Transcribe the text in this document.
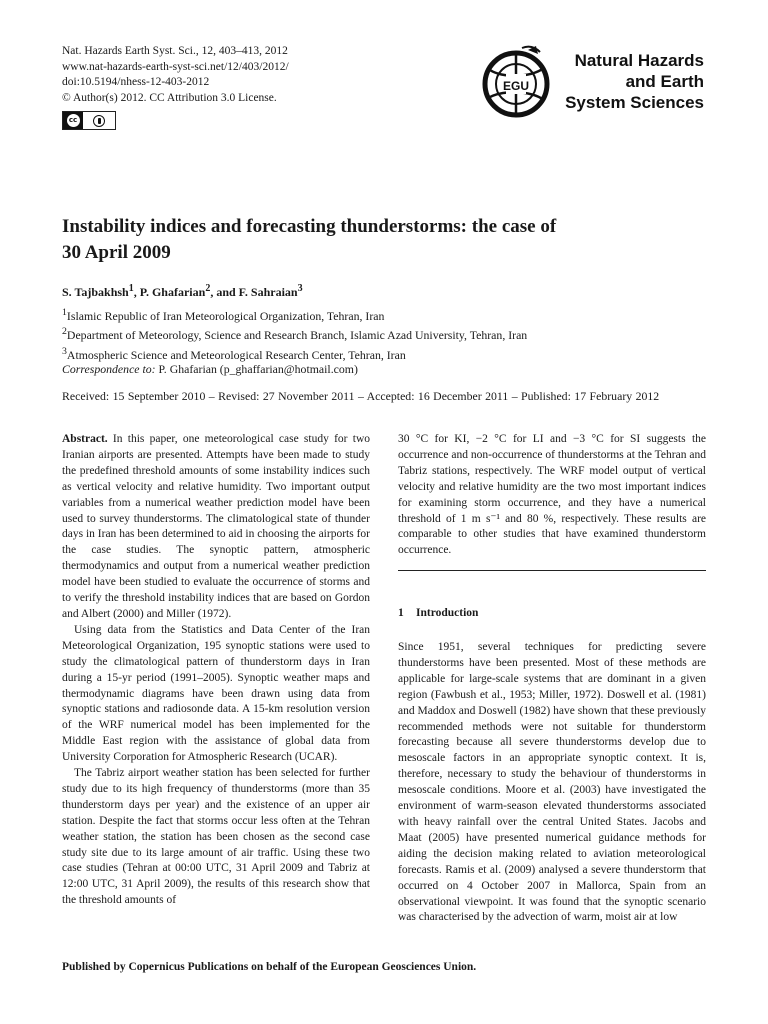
Nat. Hazards Earth Syst. Sci., 12, 403–413, 2012
www.nat-hazards-earth-syst-sci.net/12/403/2012/
doi:10.5194/nhess-12-403-2012
© Author(s) 2012. CC Attribution 3.0 License.
cc
EGU
Natural Hazards
and Earth
System Sciences
Instability indices and forecasting thunderstorms: the case of
30 April 2009
S. Tajbakhsh$^1$, P. Ghafarian$^2$, and F. Sahraian$^3$
$^1$Islamic Republic of Iran Meteorological Organization, Tehran, Iran
$^2$Department of Meteorology, Science and Research Branch, Islamic Azad University, Tehran, Iran
$^3$Atmospheric Science and Meteorological Research Center, Tehran, Iran
Correspondence to: P. Ghafarian (p_ghaffarian@hotmail.com)
Received: 15 September 2010 – Revised: 27 November 2011 – Accepted: 16 December 2011 – Published: 17 February 2012

Abstract. In this paper, one meteorological case study for two Iranian airports are presented. Attempts have been made to study the predefined threshold amounts of some instability indices such as vertical velocity and relative humidity. Two important output variables from a numerical weather prediction model have been used to survey thunderstorms. The climatological state of thunder days in Iran has been determined to aid in choosing the airports for the case studies. The synoptic pattern, atmospheric thermodynamics and output from a numerical weather prediction model have been studied to evaluate the occurrence of storms and to verify the threshold instability indices that are based on Gordon and Albert (2000) and Miller (1972).

Using data from the Statistics and Data Center of the Iran Meteorological Organization, 195 synoptic stations were used to study the climatological pattern of thunderstorm days in Iran during a 15-yr period (1991–2005). Synoptic weather maps and thermodynamic diagrams have been drawn using data from synoptic stations and radiosonde data. A 15-km resolution version of the WRF numerical model has been implemented for the Middle East region with the assistance of global data from University Corporation for Atmospheric Research (UCAR).

The Tabriz airport weather station has been selected for further study due to its high frequency of thunderstorms (more than 35 thunderstorm days per year) and the existence of an upper air station. Despite the fact that storms occur less often at the Tehran weather station, the station has been chosen as the second case study site due to its large amount of air traffic. Using these two case studies (Tehran at 00:00 UTC, 31 April 2009 and Tabriz at 12:00 UTC, 31 April 2009), the results of this research show that the threshold amounts of

30 °C for KI, −2 °C for LI and −3 °C for SI suggests the occurrence and non-occurrence of thunderstorms at the Tehran and Tabriz stations, respectively. The WRF model output of vertical velocity and relative humidity are the two most important indices for examining storm occurrence, and they have a numerical threshold of 1 m s⁻¹ and 80 %, respectively. These results are comparable to other studies that have examined thunderstorm occurrence.

1 Introduction

Since 1951, several techniques for predicting severe thunderstorms have been presented. Most of these methods are applicable for large-scale systems that are dominant in a given region (Fawbush et al., 1953; Miller, 1972). Doswell et al. (1981) and Maddox and Doswell (1982) have shown that these previously recommended methods were not suitable for thunderstorm forecasting because all severe thunderstorms develop due to mesoscale factors in an appropriate synoptic context. It is, therefore, necessary to study the behaviour of thunderstorms in mesoscale conditions. Moore et al. (2003) have investigated the environment of warm-season elevated thunderstorms associated with heavy rainfall over the central United States. Jacobs and Maat (2005) have presented numerical guidance methods for aiding the decision making related to aviation meteorological forecasts. Ramis et al. (2009) analysed a severe thunderstorm that occurred on 4 October 2007 in Mallorca, Spain from an observational viewpoint. It was found that the synoptic scenario was characterised by the advection of warm, moist air at low

Published by Copernicus Publications on behalf of the European Geosciences Union.
